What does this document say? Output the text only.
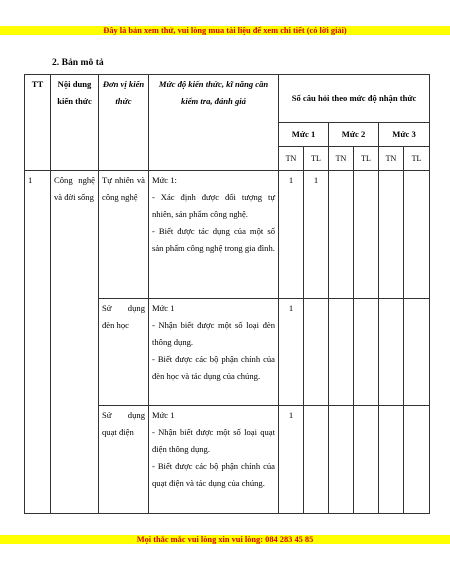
Đây là bản xem thử, vui lòng mua tài liệu để xem chi tiết (có lời giải)
2. Bản mô tả
TT	Nội dung kiến thức	Đơn vị kiến thức	Mức độ kiến thức, kĩ năng cần kiểm tra, đánh giá	Số câu hỏi theo mức độ nhận thức					
				Mức 1		Mức 2		Mức 3	
				TN	TL	TN	TL	TN	TL
1	Công nghệ và đời sống	Tự nhiên và công nghệ	Mức 1:
- Xác định được đối tượng tự nhiên, sản phẩm công nghệ.
- Biết được tác dụng của một số sản phẩm công nghệ trong gia đình.	1	1				
		Sử dụng đèn học	Mức 1
- Nhận biết được một số loại đèn thông dụng.
- Biết được các bộ phận chính của đèn học và tác dụng của chúng.	1					
		Sử dụng quạt điện	Mức 1
- Nhận biết được một số loại quạt điện thông dụng.
- Biết được các bộ phận chính của quạt điện và tác dụng của chúng.	1					
Mọi thắc mắc vui lòng xin vui lòng: 084 283 45 85
